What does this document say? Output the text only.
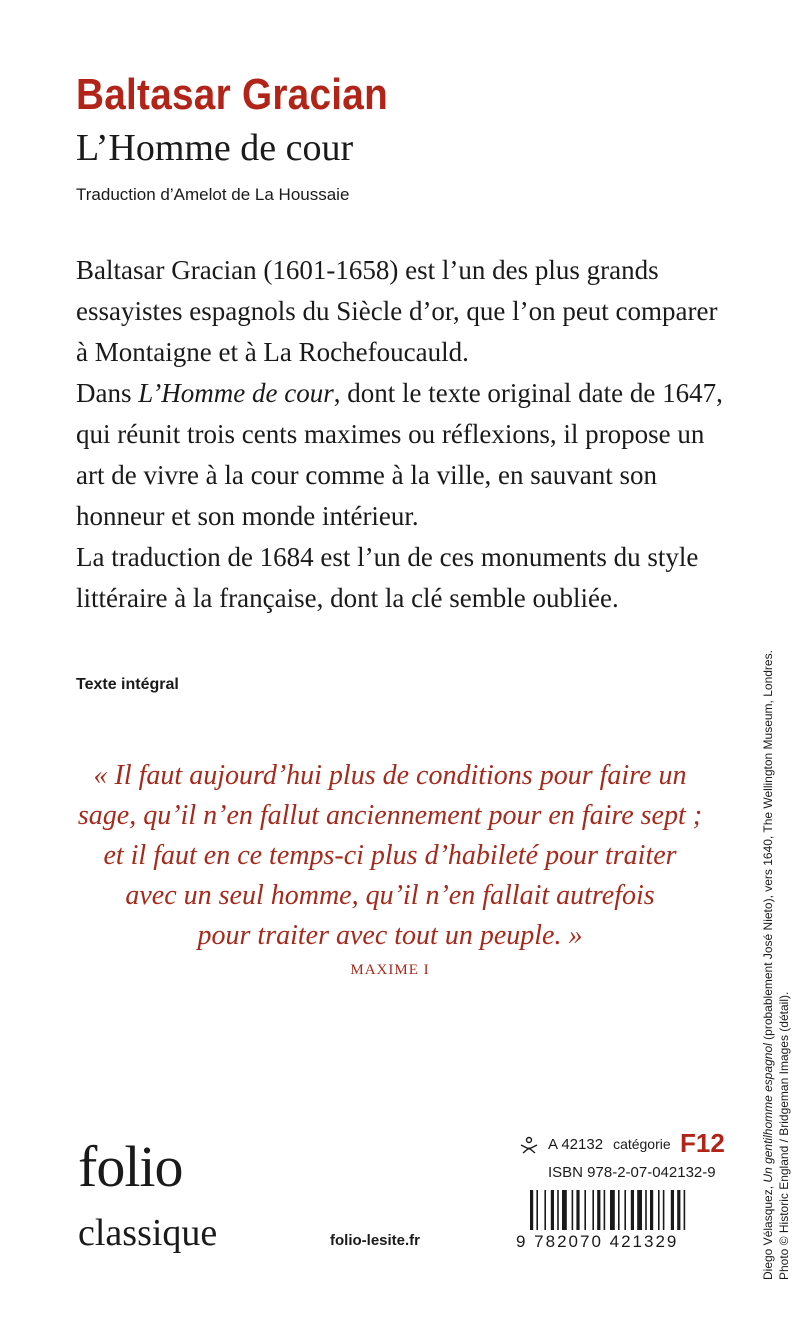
Baltasar Gracian
L’Homme de cour
Traduction d’Amelot de La Houssaie

Baltasar Gracian (1601-1658) est l’un des plus grands essayistes espagnols du Siècle d’or, que l’on peut comparer à Montaigne et à La Rochefoucauld.

Dans L’Homme de cour, dont le texte original date de 1647, qui réunit trois cents maximes ou réflexions, il propose un art de vivre à la cour comme à la ville, en sauvant son honneur et son monde intérieur.

La traduction de 1684 est l’un de ces monuments du style littéraire à la française, dont la clé semble oubliée.

Texte intégral
« Il faut aujourd’hui plus de conditions pour faire un
sage, qu’il n’en fallut anciennement pour en faire sept ;
et il faut en ce temps-ci plus d’habileté pour traiter
avec un seul homme, qu’il n’en fallait autrefois
pour traiter avec tout un peuple. »
MAXIME I
Diego Vélasquez, Un gentilhomme espagnol (probablement José Nieto), vers 1640, The Wellington Museum, Londres.
Photo © Historic England / Bridgeman Images (détail).
folio
classique	folio-lesite.fr
A 42132 catégorie F12
ISBN 978-2-07-042132-9
9 782070 421329
